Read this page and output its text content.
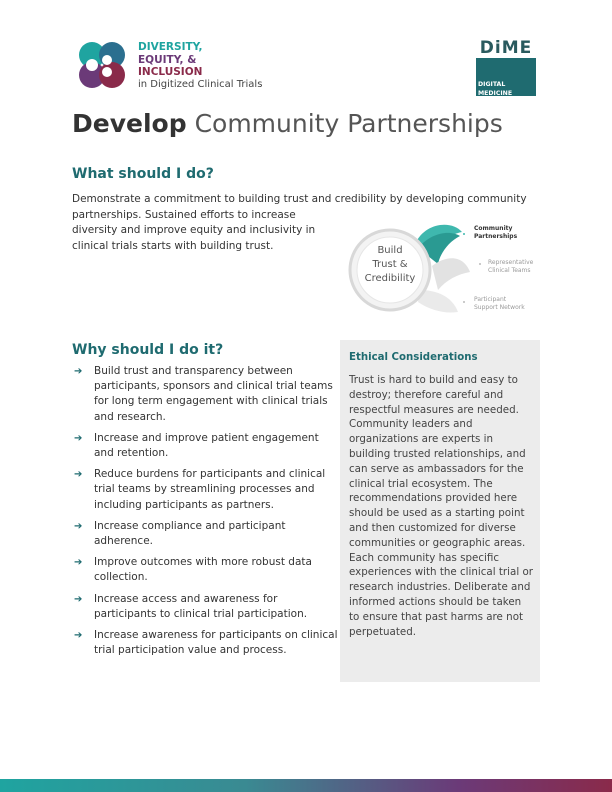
DIVERSITY,
EQUITY, &
INCLUSION
in Digitized Clinical Trials
DiME
DIGITAL
MEDICINE
SOCIETY
Develop Community Partnerships
What should I do?
Demonstrate a commitment to building trust and credibility by developing community
partnerships. Sustained efforts to increase
diversity and improve equity and inclusivity in
clinical trials starts with building trust.	Build
Trust &
Credibility
Community
Partnerships
Representative
Clinical Teams
Participant
Support Network
Why should I do it?
➔ Build trust and transparency between participants, sponsors and clinical trial teams for long term engagement with clinical trials and research.
➔ Increase and improve patient engagement and retention.
➔ Reduce burdens for participants and clinical trial teams by streamlining processes and including participants as partners.
➔ Increase compliance and participant adherence.
➔ Improve outcomes with more robust data collection.
➔ Increase access and awareness for participants to clinical trial participation.
➔ Increase awareness for participants on clinical trial participation value and process.
Ethical Considerations

Trust is hard to build and easy to destroy; therefore careful and respectful measures are needed. Community leaders and organizations are experts in building trusted relationships, and can serve as ambassadors for the clinical trial ecosystem. The recommendations provided here should be used as a starting point and then customized for diverse communities or geographic areas. Each community has specific experiences with the clinical trial or research industries. Deliberate and informed actions should be taken to ensure that past harms are not perpetuated.
